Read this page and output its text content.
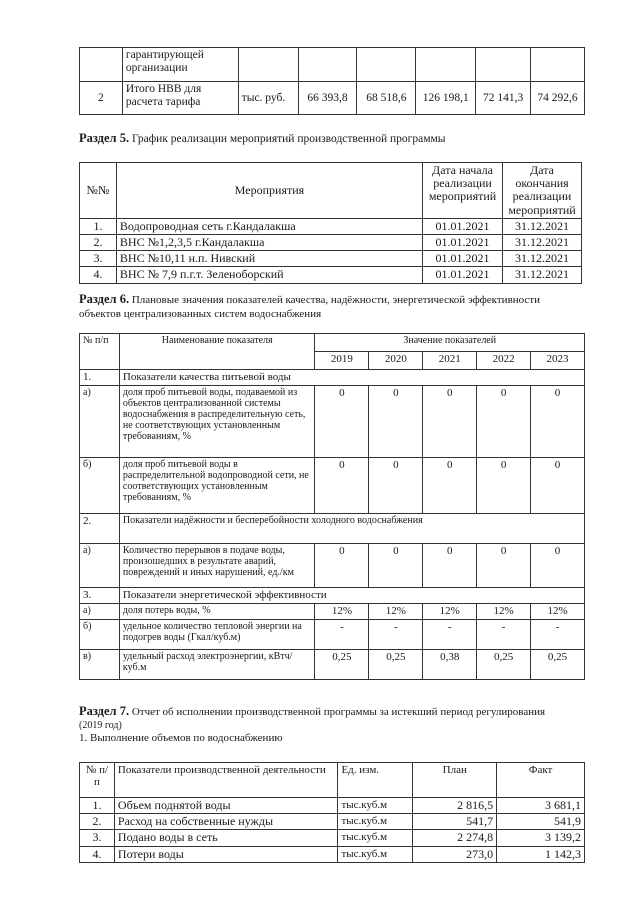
	гарантирующей организации						
2	Итого НВВ для расчета тарифа	тыс. руб.	66 393,8	68 518,6	126 198,1	72 141,3	74 292,6
Раздел 5. График реализации мероприятий производственной программы
№№	Мероприятия	Дата начала реализации мероприятий	Дата окончания реализации мероприятий
1.	Водопроводная сеть г.Кандалакша	01.01.2021	31.12.2021
2.	ВНС №1,2,3,5 г.Кандалакша	01.01.2021	31.12.2021
3.	ВНС №10,11 н.п. Нивский	01.01.2021	31.12.2021
4.	ВНС № 7,9 п.г.т. Зеленоборский	01.01.2021	31.12.2021
Раздел 6. Плановые значения показателей качества, надёжности, энергетической эффективности
объектов централизованных систем водоснабжения
№ п/п	Наименование показателя	Значение показателей				
		2019	2020	2021	2022	2023
1.	Показатели качества питьевой воды					
а)	доля проб питьевой воды, подаваемой из объектов централизованной системы водоснабжения в распределительную сеть, не соответствующих установленным требованиям, %	0	0	0	0	0
б)	доля проб питьевой воды в распределительной водопроводной сети, не соответствующих установленным требованиям, %	0	0	0	0	0
2.	Показатели надёжности и бесперебойности холодного водоснабжения					
а)	Количество перерывов в подаче воды, произошедших в результате аварий, повреждений и иных нарушений, ед./км	0	0	0	0	0
3.	Показатели энергетической эффективности					
а)	доля потерь воды, %	12%	12%	12%	12%	12%
б)	удельное количество тепловой энергии на подогрев воды (Гкал/куб.м)	-	-	-	-	-
в)	удельный расход электроэнергии, кВтч/куб.м	0,25	0,25	0,38	0,25	0,25
Раздел 7. Отчет об исполнении производственной программы за истекший период регулирования
(2019 год)
1. Выполнение объемов по водоснабжению
№ п/п	Показатели производственной деятельности	Ед. изм.	План	Факт
1.	Объем поднятой воды	тыс.куб.м	2 816,5	3 681,1
2.	Расход на собственные нужды	тыс.куб.м	541,7	541,9
3.	Подано воды в сеть	тыс.куб.м	2 274,8	3 139,2
4.	Потери воды	тыс.куб.м	273,0	1 142,3
